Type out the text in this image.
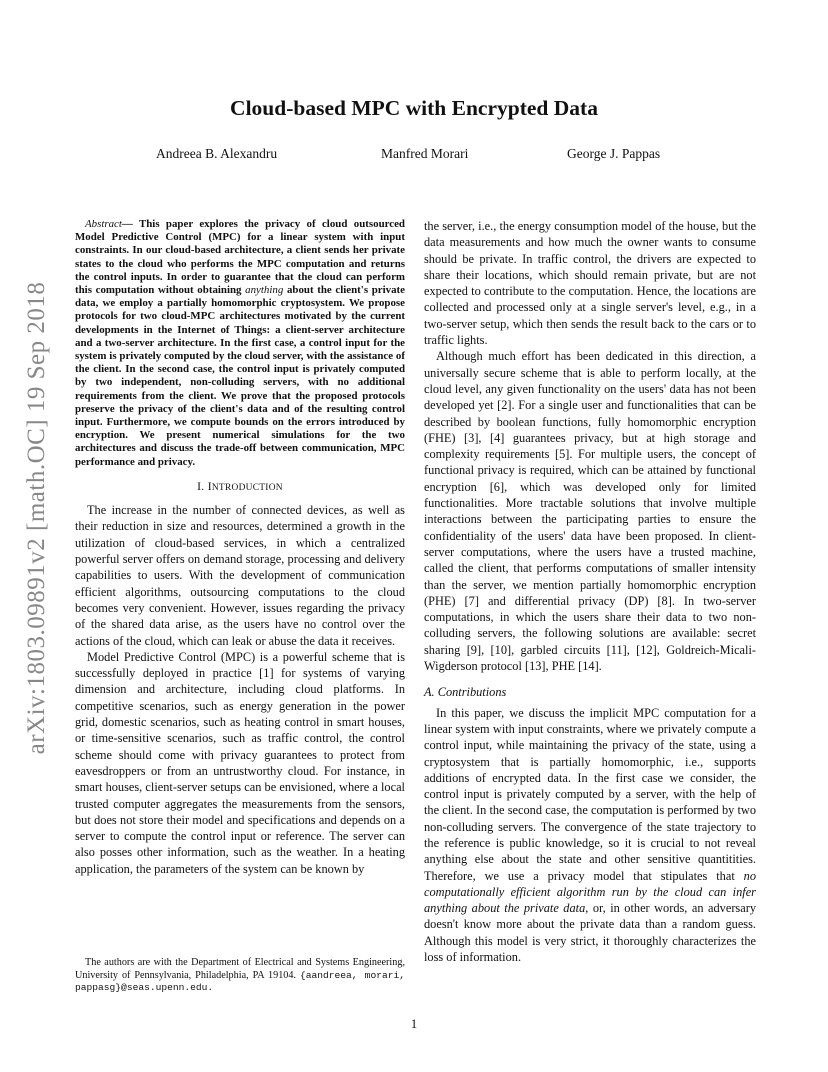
arXiv:1803.09891v2 [math.OC] 19 Sep 2018
Cloud-based MPC with Encrypted Data
Andreea B. Alexandru	Manfred Morari	George J. Pappas

Abstract— This paper explores the privacy of cloud outsourced Model Predictive Control (MPC) for a linear system with input constraints. In our cloud-based architecture, a client sends her private states to the cloud who performs the MPC computation and returns the control inputs. In order to guarantee that the cloud can perform this computation without obtaining anything about the client's private data, we employ a partially homomorphic cryptosystem. We propose protocols for two cloud-MPC architectures motivated by the current developments in the Internet of Things: a client-server architecture and a two-server architecture. In the first case, a control input for the system is privately computed by the cloud server, with the assistance of the client. In the second case, the control input is privately computed by two independent, non-colluding servers, with no additional requirements from the client. We prove that the proposed protocols preserve the privacy of the client's data and of the resulting control input. Furthermore, we compute bounds on the errors introduced by encryption. We present numerical simulations for the two architectures and discuss the trade-off between communication, MPC performance and privacy.

I. INTRODUCTION

The increase in the number of connected devices, as well as their reduction in size and resources, determined a growth in the utilization of cloud-based services, in which a centralized powerful server offers on demand storage, processing and delivery capabilities to users. With the development of communication efficient algorithms, outsourcing computations to the cloud becomes very convenient. However, issues regarding the privacy of the shared data arise, as the users have no control over the actions of the cloud, which can leak or abuse the data it receives.

Model Predictive Control (MPC) is a powerful scheme that is successfully deployed in practice [1] for systems of varying dimension and architecture, including cloud platforms. In competitive scenarios, such as energy generation in the power grid, domestic scenarios, such as heating control in smart houses, or time-sensitive scenarios, such as traffic control, the control scheme should come with privacy guarantees to protect from eavesdroppers or from an untrustworthy cloud. For instance, in smart houses, client-server setups can be envisioned, where a local trusted computer aggregates the measurements from the sensors, but does not store their model and specifications and depends on a server to compute the control input or reference. The server can also posses other information, such as the weather. In a heating application, the parameters of the system can be known by

The authors are with the Department of Electrical and Systems Engineering, University of Pennsylvania, Philadelphia, PA 19104. {aandreea, morari, pappasg}@seas.upenn.edu.

the server, i.e., the energy consumption model of the house, but the data measurements and how much the owner wants to consume should be private. In traffic control, the drivers are expected to share their locations, which should remain private, but are not expected to contribute to the computation. Hence, the locations are collected and processed only at a single server's level, e.g., in a two-server setup, which then sends the result back to the cars or to traffic lights.

Although much effort has been dedicated in this direction, a universally secure scheme that is able to perform locally, at the cloud level, any given functionality on the users' data has not been developed yet [2]. For a single user and functionalities that can be described by boolean functions, fully homomorphic encryption (FHE) [3], [4] guarantees privacy, but at high storage and complexity requirements [5]. For multiple users, the concept of functional privacy is required, which can be attained by functional encryption [6], which was developed only for limited functionalities. More tractable solutions that involve multiple interactions between the participating parties to ensure the confidentiality of the users' data have been proposed. In client-server computations, where the users have a trusted machine, called the client, that performs computations of smaller intensity than the server, we mention partially homomorphic encryption (PHE) [7] and differential privacy (DP) [8]. In two-server computations, in which the users share their data to two non-colluding servers, the following solutions are available: secret sharing [9], [10], garbled circuits [11], [12], Goldreich-Micali-Wigderson protocol [13], PHE [14].

A. Contributions

In this paper, we discuss the implicit MPC computation for a linear system with input constraints, where we privately compute a control input, while maintaining the privacy of the state, using a cryptosystem that is partially homomorphic, i.e., supports additions of encrypted data. In the first case we consider, the control input is privately computed by a server, with the help of the client. In the second case, the computation is performed by two non-colluding servers. The convergence of the state trajectory to the reference is public knowledge, so it is crucial to not reveal anything else about the state and other sensitive quantitities. Therefore, we use a privacy model that stipulates that no computationally efficient algorithm run by the cloud can infer anything about the private data, or, in other words, an adversary doesn't know more about the private data than a random guess. Although this model is very strict, it thoroughly characterizes the loss of information.

1
